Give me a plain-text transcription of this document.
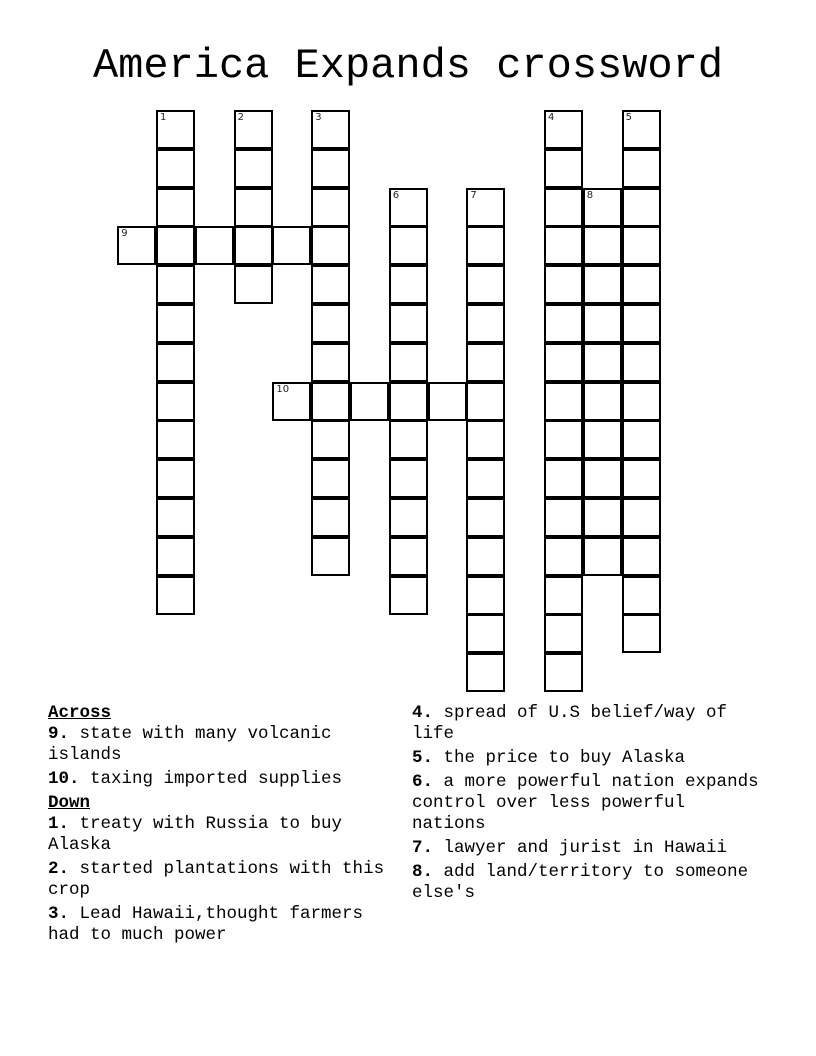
America Expands crossword
1	2	3
6	7
4	5
8
9
10
Across
9. state with many volcanic islands
10. taxing imported supplies
Down
1. treaty with Russia to buy Alaska
2. started plantations with this crop
3. Lead Hawaii,thought farmers had to much power
4. spread of U.S belief/way of life
5. the price to buy Alaska
6. a more powerful nation expands control over less powerful nations
7. lawyer and jurist in Hawaii
8. add land/territory to someone else's
